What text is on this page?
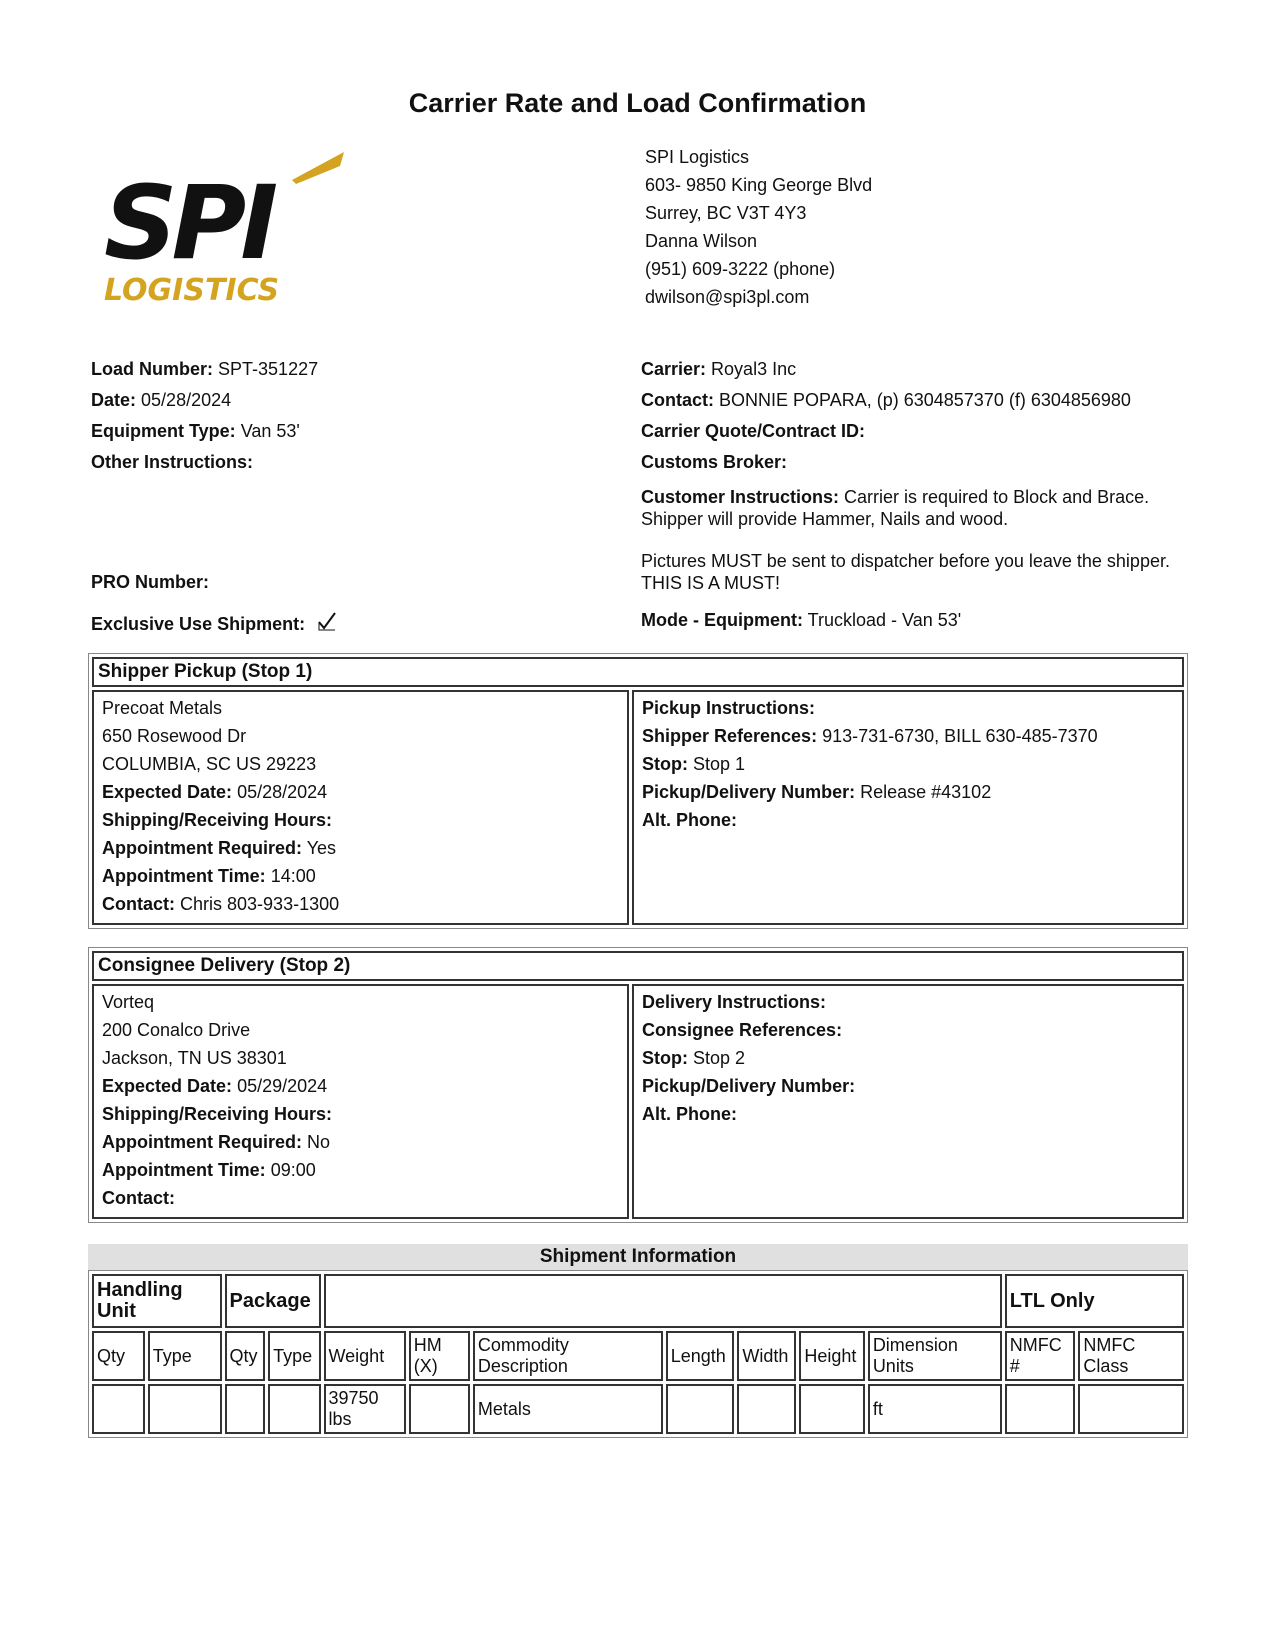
Carrier Rate and Load Confirmation
SPI
LOGISTICS
SPI Logistics
603- 9850 King George Blvd
Surrey, BC V3T 4Y3
Danna Wilson
(951) 609-3222 (phone)
dwilson@spi3pl.com
Load Number: SPT-351227
Date: 05/28/2024
Equipment Type: Van 53'
Other Instructions:
PRO Number:
Exclusive Use Shipment:
Carrier: Royal3 Inc
Contact: BONNIE POPARA, (p) 6304857370 (f) 6304856980
Carrier Quote/Contract ID:
Customs Broker:
Customer Instructions: Carrier is required to Block and Brace. Shipper will provide Hammer, Nails and wood.
Pictures MUST be sent to dispatcher before you leave the shipper. THIS IS A MUST!
Mode - Equipment: Truckload - Van 53'
Shipper Pickup (Stop 1)
Precoat Metals
650 Rosewood Dr
COLUMBIA, SC US 29223
Expected Date: 05/28/2024
Shipping/Receiving Hours:
Appointment Required: Yes
Appointment Time: 14:00
Contact: Chris 803-933-1300
Pickup Instructions:
Shipper References: 913-731-6730, BILL 630-485-7370
Stop: Stop 1
Pickup/Delivery Number: Release #43102
Alt. Phone:
Consignee Delivery (Stop 2)
Vorteq
200 Conalco Drive
Jackson, TN US 38301
Expected Date: 05/29/2024
Shipping/Receiving Hours:
Appointment Required: No
Appointment Time: 09:00
Contact:
Delivery Instructions:
Consignee References:
Stop: Stop 2
Pickup/Delivery Number:
Alt. Phone:
Shipment Information
Handling Unit		Package									LTL Only	
Qty	Type	Qty	Type	Weight	HM (X)	Commodity Description	Length	Width	Height	Dimension Units	NMFC #	NMFC Class
				39750 lbs		Metals				ft		
